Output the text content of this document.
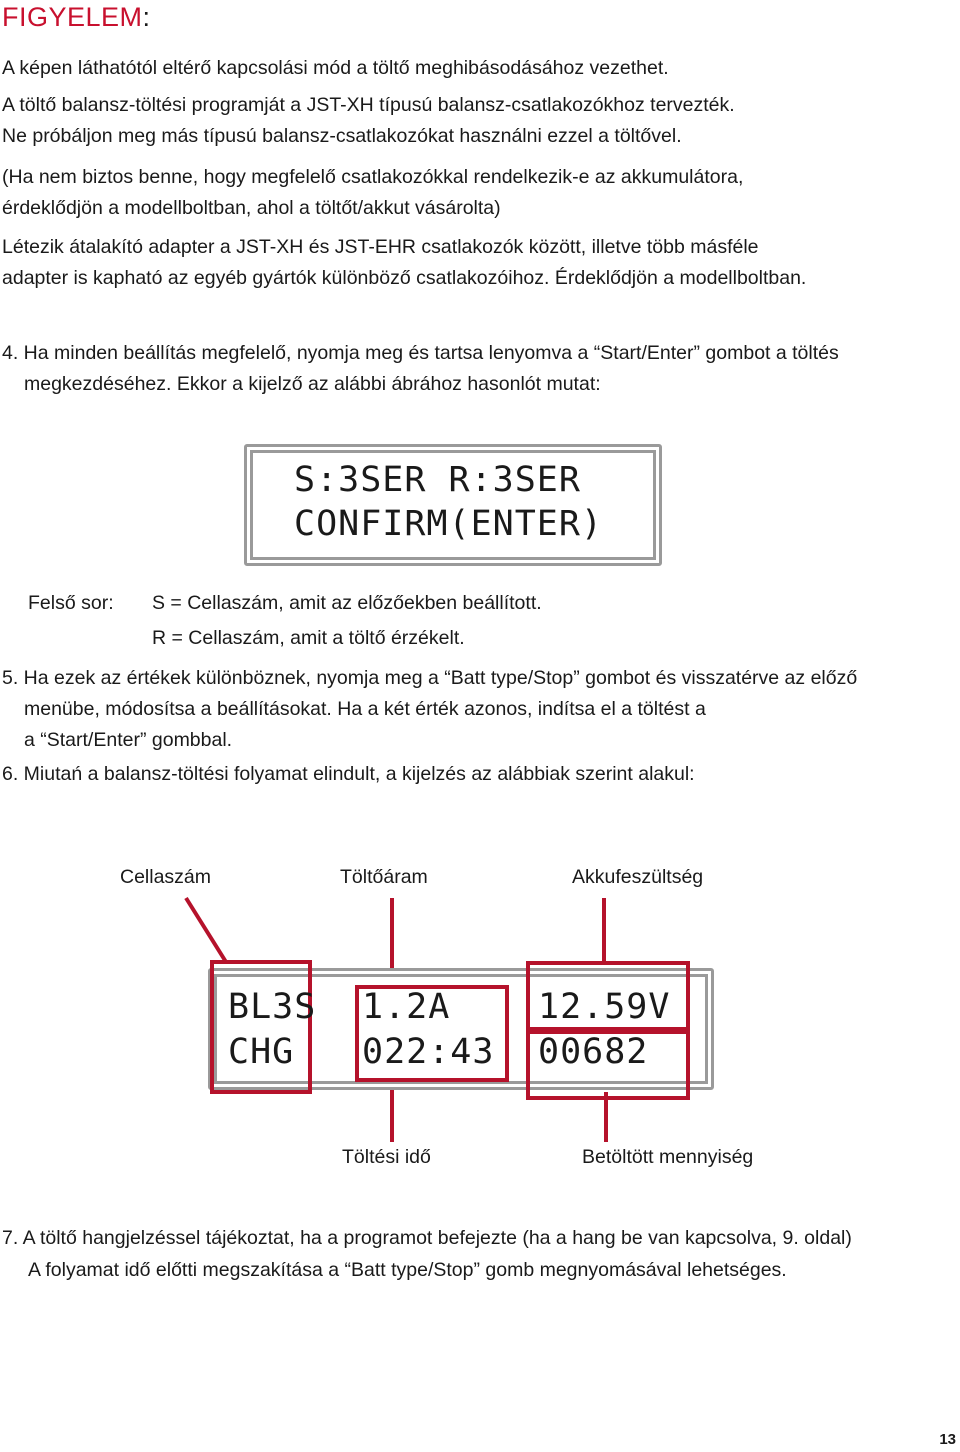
FIGYELEM:
A képen láthatótól eltérő kapcsolási mód a töltő meghibásodásához vezethet.
A töltő balansz-töltési programját a JST-XH típusú balansz-csatlakozókhoz tervezték.
Ne próbáljon meg más típusú balansz-csatlakozókat használni ezzel a töltővel.
(Ha nem biztos benne, hogy megfelelő csatlakozókkal rendelkezik-e az akkumulátora,
érdeklődjön a modellboltban, ahol a töltőt/akkut vásárolta)
Létezik átalakító adapter a JST-XH és JST-EHR csatlakozók között, illetve több másféle
adapter is kapható az egyéb gyártók különböző csatlakozóihoz. Érdeklődjön a modellboltban.
4. Ha minden beállítás megfelelő, nyomja meg és tartsa lenyomva a “Start/Enter” gombot a töltés
megkezdéséhez. Ekkor a kijelző az alábbi ábrához hasonlót mutat:
S:3SER R:3SER
CONFIRM(ENTER)
Felső sor: S = Cellaszám, amit az előzőekben beállított.
R = Cellaszám, amit a töltő érzékelt.
5. Ha ezek az értékek különböznek, nyomja meg a “Batt type/Stop” gombot és visszatérve az előző
menübe, módosítsa a beállításokat. Ha a két érték azonos, indítsa el a töltést a
a “Start/Enter” gombbal.
6. Miutań a balansz-töltési folyamat elindult, a kijelzés az alábbiak szerint alakul:
Cellaszám	Töltőáram	Akkufeszültség
BL3S 1.2A	12.59V
CHG 022:43 00682
Töltési idő	Betöltött mennyiség
7. A töltő hangjelzéssel tájékoztat, ha a programot befejezte (ha a hang be van kapcsolva, 9. oldal)
A folyamat idő előtti megszakítása a “Batt type/Stop” gomb megnyomásával lehetséges.
13
